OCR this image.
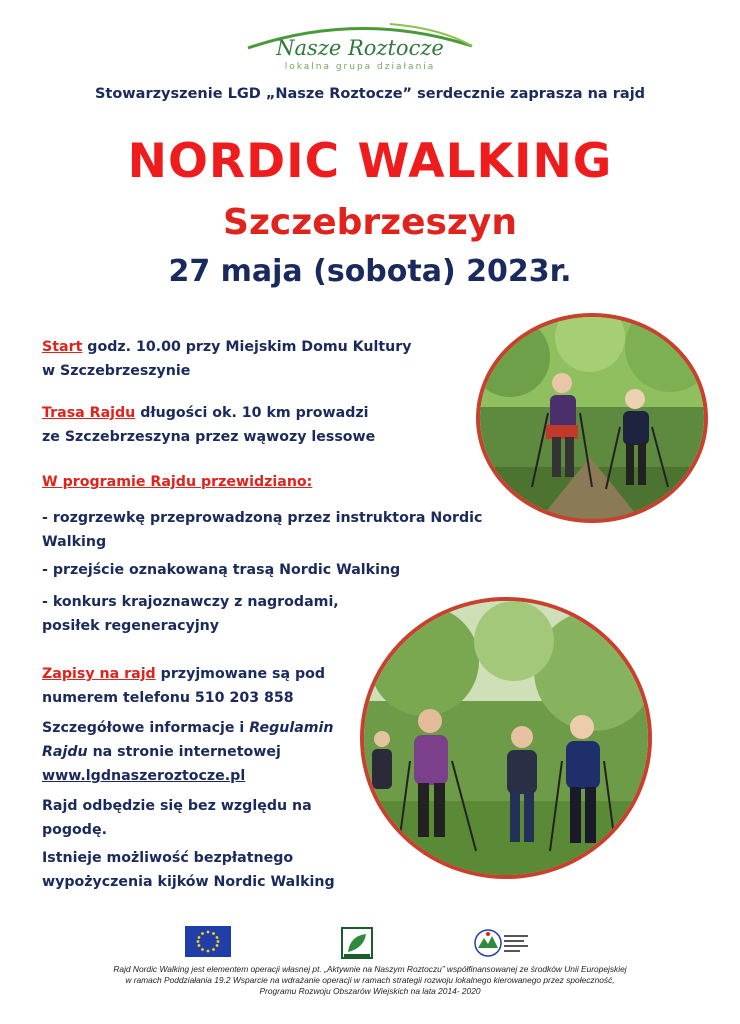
Nasze Roztocze
lokalna grupa działania
Stowarzyszenie LGD „Nasze Roztocze” serdecznie zaprasza na rajd
NORDIC WALKING
Szczebrzeszyn
27 maja (sobota) 2023r.
Start godz. 10.00 przy Miejskim Domu Kultury
w Szczebrzeszynie
Trasa Rajdu długości ok. 10 km prowadzi
ze Szczebrzeszyna przez wąwozy lessowe
W programie Rajdu przewidziano:
- rozgrzewkę przeprowadzoną przez instruktora Nordic
Walking
- przejście oznakowaną trasą Nordic Walking
- konkurs krajoznawczy z nagrodami,
posiłek regeneracyjny
Zapisy na rajd przyjmowane są pod
numerem telefonu 510 203 858
Szczegółowe informacje i Regulamin
Rajdu na stronie internetowej
www.lgdnaszeroztocze.pl
Rajd odbędzie się bez względu na
pogodę.
Istnieje możliwość bezpłatnego
wypożyczenia kijków Nordic Walking
Rajd Nordic Walking jest elementem operacji własnej pt. „Aktywnie na Naszym Roztoczu” współfinansowanej ze środków Unii Europejskiej
w ramach Poddziałania 19.2 Wsparcie na wdrażanie operacji w ramach strategii rozwoju lokalnego kierowanego przez społeczność,
Programu Rozwoju Obszarów Wiejskich na lata 2014- 2020
